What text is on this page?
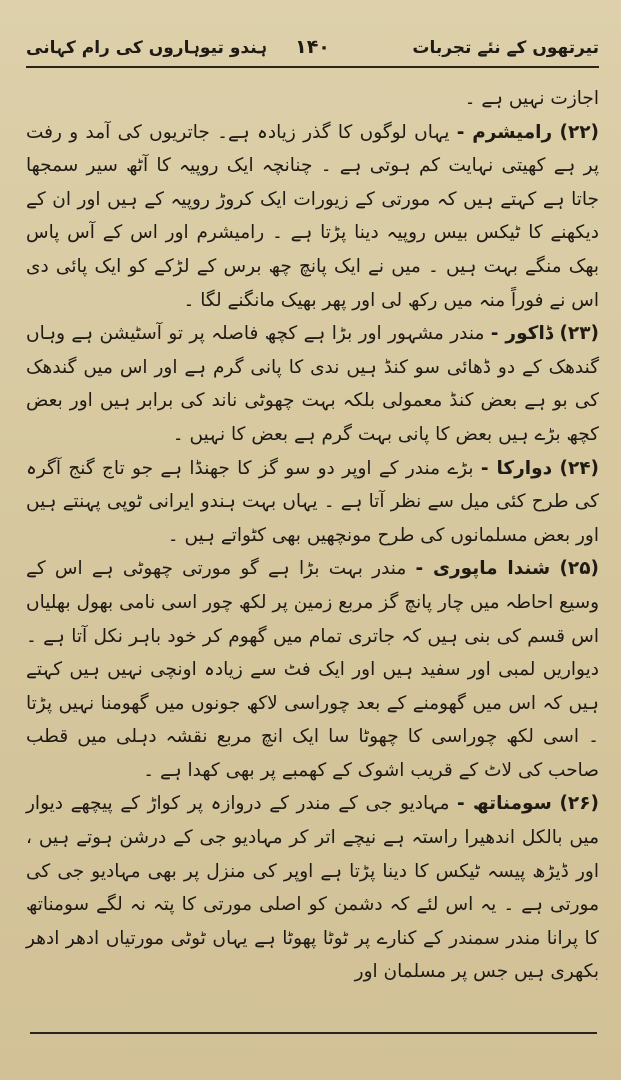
تیرتھوں کے نئے تجربات
۱۴۰
ہندو تیوہاروں کی رام کہانی

اجازت نہیں ہے ۔

(۲۲) رامیشرم - یہاں لوگوں کا گذر زیادہ ہے۔ جاتریوں کی آمد و رفت پر ہے کھیتی نہایت کم ہوتی ہے ۔ چنانچہ ایک روپیہ کا آٹھ سیر سمجھا جاتا ہے کہتے ہیں کہ مورتی کے زیورات ایک کروڑ روپیہ کے ہیں اور ان کے دیکھنے کا ٹیکس بیس روپیہ دینا پڑتا ہے ۔ رامیشرم اور اس کے آس پاس بھک منگے بہت ہیں ۔ میں نے ایک پانچ چھ برس کے لڑکے کو ایک پائی دی اس نے فوراً منہ میں رکھ لی اور پھر بھیک مانگنے لگا ۔

(۲۳) ڈاکور - مندر مشہور اور بڑا ہے کچھ فاصلہ پر تو آسٹیشن ہے وہاں گندھک کے دو ڈھائی سو کنڈ ہیں ندی کا پانی گرم ہے اور اس میں گندھک کی بو ہے بعض کنڈ معمولی بلکہ بہت چھوٹی ناند کی برابر ہیں اور بعض کچھ بڑے ہیں بعض کا پانی بہت گرم ہے بعض کا نہیں ۔

(۲۴) دوارکا - بڑے مندر کے اوپر دو سو گز کا جھنڈا ہے جو تاج گنج آگرہ کی طرح کئی میل سے نظر آتا ہے ۔ یہاں بہت ہندو ایرانی ٹوپی پہنتے ہیں اور بعض مسلمانوں کی طرح مونچھیں بھی کٹواتے ہیں ۔

(۲۵) شندا ماپوری - مندر بہت بڑا ہے گو مورتی چھوٹی ہے اس کے وسیع احاطہ میں چار پانچ گز مربع زمین پر لکھ چور اسی نامی بھول بھلیاں اس قسم کی بنی ہیں کہ جاتری تمام میں گھوم کر خود باہر نکل آتا ہے ۔ دیواریں لمبی اور سفید ہیں اور ایک فٹ سے زیادہ اونچی نہیں ہیں کہتے ہیں کہ اس میں گھومنے کے بعد چوراسی لاکھ جونوں میں گھومنا نہیں پڑتا ۔ اسی لکھ چوراسی کا چھوٹا سا ایک انچ مربع نقشہ دہلی میں قطب صاحب کی لاٹ کے قریب اشوک کے کھمبے پر بھی کھدا ہے ۔

(۲۶) سومناتھ - مہادیو جی کے مندر کے دروازہ پر کواڑ کے پیچھے دیوار میں بالکل اندھیرا راستہ ہے نیچے اتر کر مہادیو جی کے درشن ہوتے ہیں ، اور ڈیڑھ پیسہ ٹیکس کا دینا پڑتا ہے اوپر کی منزل پر بھی مہادیو جی کی مورتی ہے ۔ یہ اس لئے کہ دشمن کو اصلی مورتی کا پتہ نہ لگے سومناتھ کا پرانا مندر سمندر کے کنارے پر ٹوٹا پھوٹا ہے یہاں ٹوٹی مورتیاں ادھر ادھر بکھری ہیں جس پر مسلمان اور
